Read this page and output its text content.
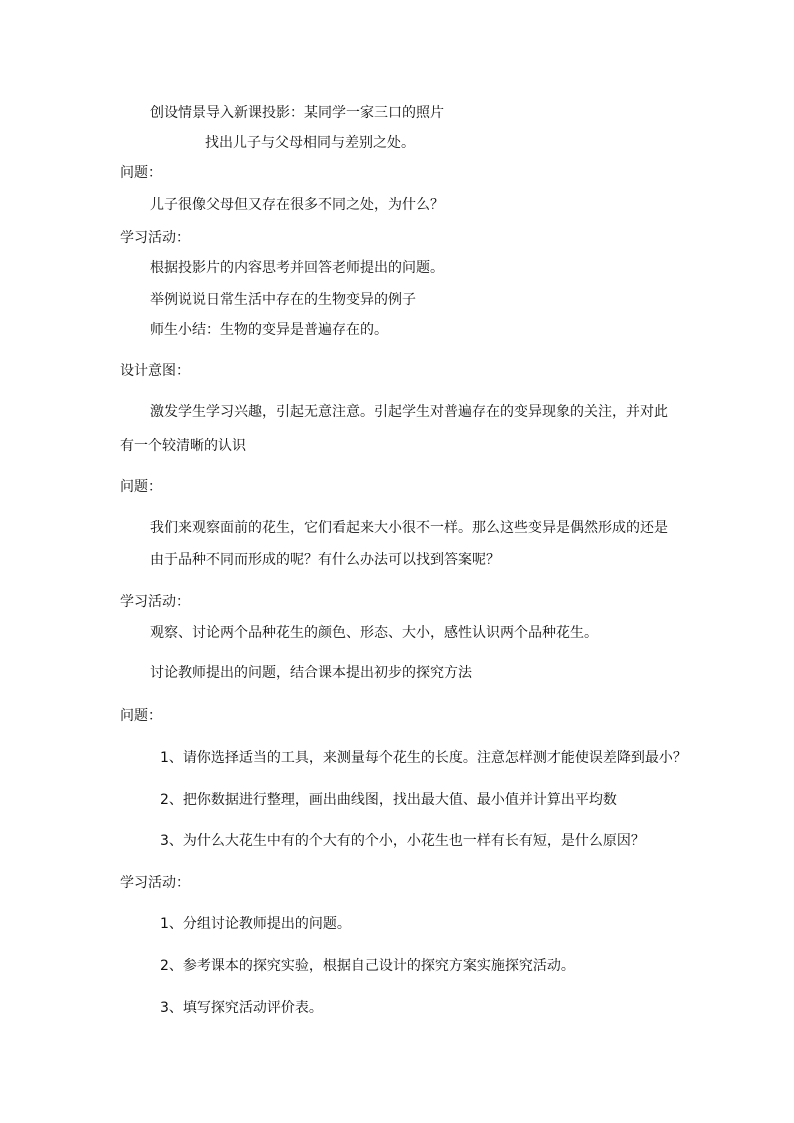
创设情景导入新课投影：某同学一家三口的照片
找出儿子与父母相同与差别之处。
问题：
儿子很像父母但又存在很多不同之处，为什么？
学习活动：
根据投影片的内容思考并回答老师提出的问题。
举例说说日常生活中存在的生物变异的例子
师生小结：生物的变异是普遍存在的。
设计意图：
激发学生学习兴趣，引起无意注意。引起学生对普遍存在的变异现象的关注，并对此
有一个较清晰的认识
问题：
我们来观察面前的花生，它们看起来大小很不一样。那么这些变异是偶然形成的还是
由于品种不同而形成的呢？有什么办法可以找到答案呢？
学习活动：
观察、讨论两个品种花生的颜色、形态、大小，感性认识两个品种花生。
讨论教师提出的问题，结合课本提出初步的探究方法
问题：
1、请你选择适当的工具，来测量每个花生的长度。注意怎样测才能使误差降到最小？
2、把你数据进行整理，画出曲线图，找出最大值、最小值并计算出平均数
3、为什么大花生中有的个大有的个小，小花生也一样有长有短，是什么原因？
学习活动：
1、分组讨论教师提出的问题。
2、参考课本的探究实验，根据自己设计的探究方案实施探究活动。
3、填写探究活动评价表。
